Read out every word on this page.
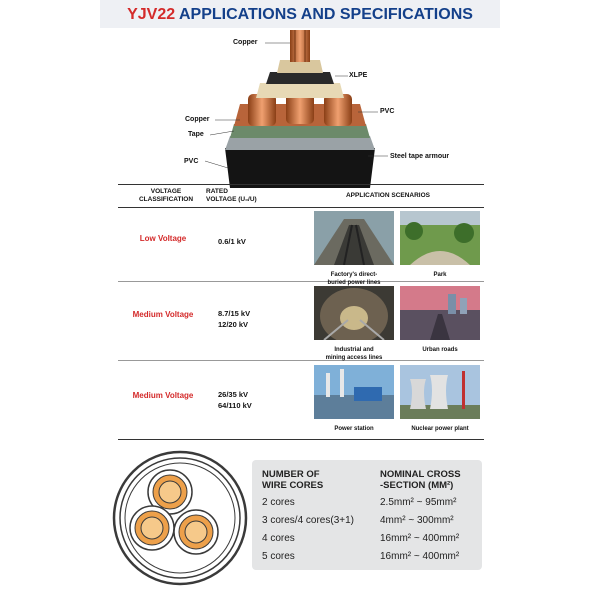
YJV22 APPLICATIONS AND SPECIFICATIONS
Copper
XLPE
PVC
Copper
Tape
Steel tape armour
PVC
VOLTAGE
CLASSIFICATION
RATED
VOLTAGE (U₀/U)
APPLICATION SCENARIOS
Low Voltage	0.6/1 kV
Factory's direct-
buried power lines
Park
Medium Voltage	8.7/15 kV
12/20 kV
Industrial and
mining access lines
Urban roads
Medium Voltage	26/35 kV
64/110 kV
Power station	Nuclear power plant
NUMBER OF
WIRE CORES
NOMINAL CROSS
-SECTION (MM²)
2 cores	2.5mm² ~ 95mm²
3 cores/4 cores(3+1)	4mm² ~ 300mm²
4 cores	16mm² ~ 400mm²
5 cores	16mm² ~ 400mm²
